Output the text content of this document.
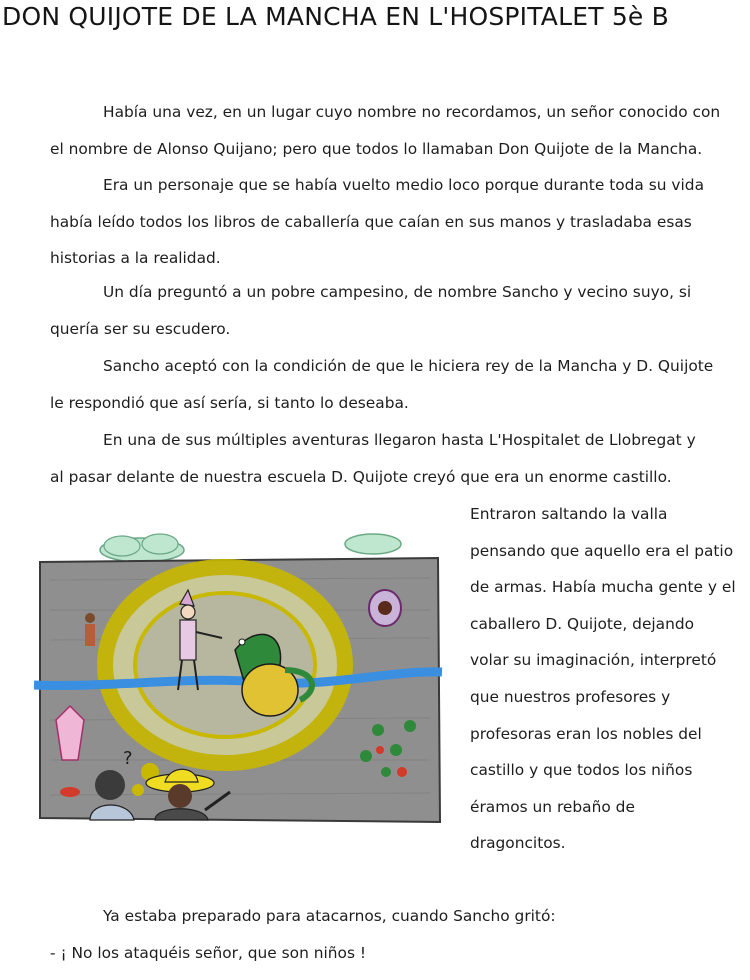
DON QUIJOTE DE LA MANCHA EN L'HOSPITALET 5è B
Había una vez, en un lugar cuyo nombre no recordamos, un señor conocido con
el nombre de Alonso Quijano; pero que todos lo llamaban Don Quijote de la Mancha.
Era un personaje que se había vuelto medio loco porque durante toda su vida
había leído todos los libros de caballería que caían en sus manos y trasladaba esas
historias a la realidad.
Un día preguntó a un pobre campesino, de nombre Sancho y vecino suyo, si
quería ser su escudero.
Sancho aceptó con la condición de que le hiciera rey de la Mancha y D. Quijote
le respondió que así sería, si tanto lo deseaba.
En una de sus múltiples aventuras llegaron hasta L'Hospitalet de Llobregat y
al pasar delante de nuestra escuela D. Quijote creyó que era un enorme castillo.
Entraron saltando la valla
pensando que aquello era el patio
de armas. Había mucha gente y el
caballero D. Quijote, dejando
volar su imaginación, interpretó
que nuestros profesores y
profesoras eran los nobles del
castillo y que todos los niños
éramos un rebaño de
dragoncitos.
?
Ya estaba preparado para atacarnos, cuando Sancho gritó:
- ¡ No los ataquéis señor, que son niños !
